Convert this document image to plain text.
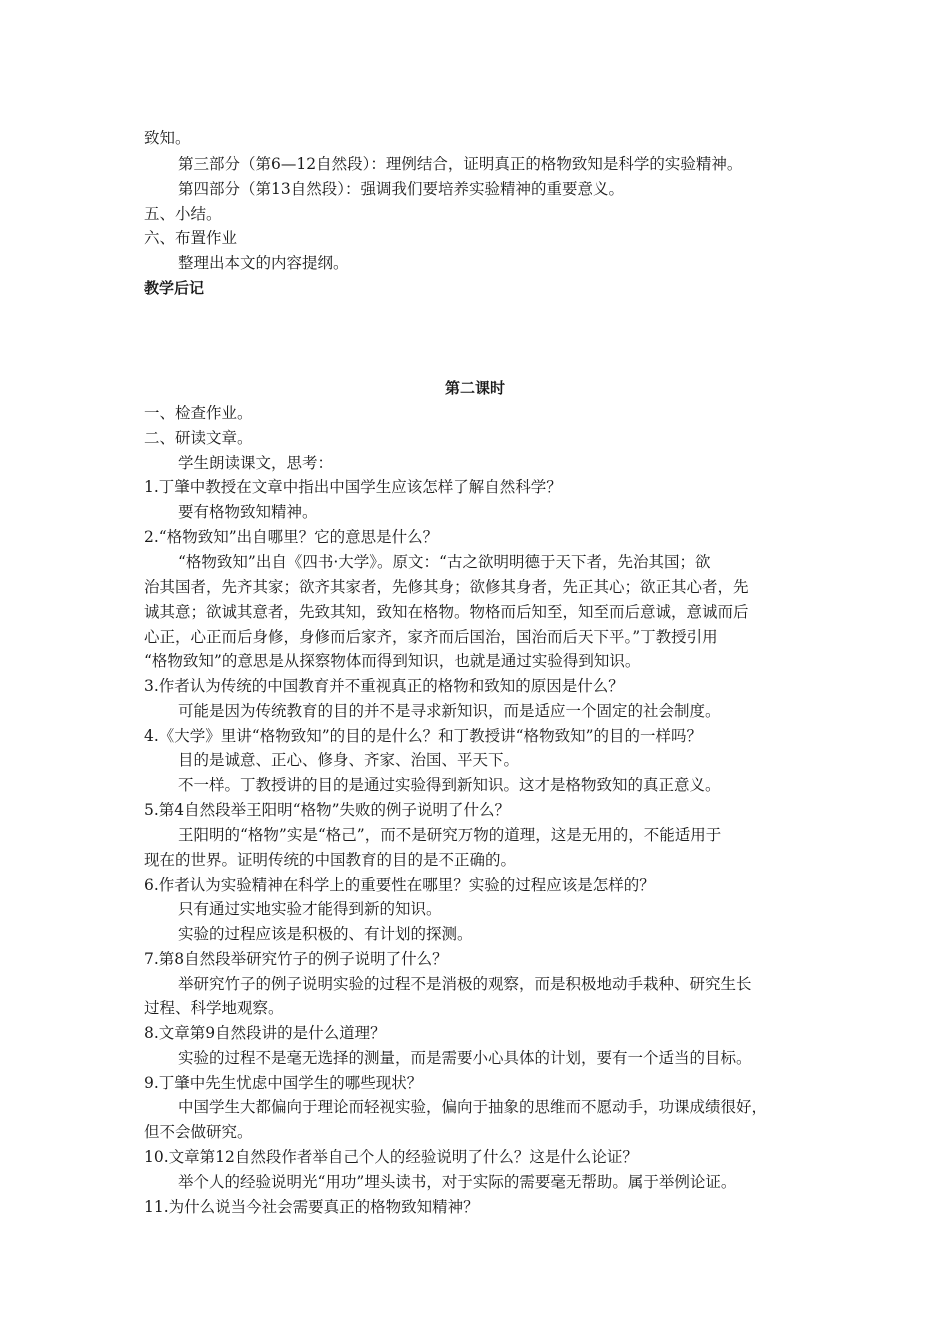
致知。
第三部分（第6—12自然段）：理例结合，证明真正的格物致知是科学的实验精神。
第四部分（第13自然段）：强调我们要培养实验精神的重要意义。
五、小结。
六、布置作业
整理出本文的内容提纲。
教学后记
第二课时
一、检查作业。
二、研读文章。
学生朗读课文，思考：
1.丁肇中教授在文章中指出中国学生应该怎样了解自然科学？
要有格物致知精神。
2.“格物致知”出自哪里？它的意思是什么？
“格物致知”出自《四书·大学》。原文：“古之欲明明德于天下者，先治其国；欲
治其国者，先齐其家；欲齐其家者，先修其身；欲修其身者，先正其心；欲正其心者，先
诚其意；欲诚其意者，先致其知，致知在格物。物格而后知至，知至而后意诚，意诚而后
心正，心正而后身修，身修而后家齐，家齐而后国治，国治而后天下平。”丁教授引用
“格物致知”的意思是从探察物体而得到知识，也就是通过实验得到知识。
3.作者认为传统的中国教育并不重视真正的格物和致知的原因是什么？
可能是因为传统教育的目的并不是寻求新知识，而是适应一个固定的社会制度。
4.《大学》里讲“格物致知”的目的是什么？和丁教授讲“格物致知”的目的一样吗？
目的是诚意、正心、修身、齐家、治国、平天下。
不一样。丁教授讲的目的是通过实验得到新知识。这才是格物致知的真正意义。
5.第4自然段举王阳明“格物”失败的例子说明了什么？
王阳明的“格物”实是“格己”，而不是研究万物的道理，这是无用的，不能适用于
现在的世界。证明传统的中国教育的目的是不正确的。
6.作者认为实验精神在科学上的重要性在哪里？实验的过程应该是怎样的？
只有通过实地实验才能得到新的知识。
实验的过程应该是积极的、有计划的探测。
7.第8自然段举研究竹子的例子说明了什么？
举研究竹子的例子说明实验的过程不是消极的观察，而是积极地动手栽种、研究生长
过程、科学地观察。
8.文章第9自然段讲的是什么道理？
实验的过程不是毫无选择的测量，而是需要小心具体的计划，要有一个适当的目标。
9.丁肇中先生忧虑中国学生的哪些现状？
中国学生大都偏向于理论而轻视实验，偏向于抽象的思维而不愿动手，功课成绩很好，
但不会做研究。
10.文章第12自然段作者举自己个人的经验说明了什么？这是什么论证？
举个人的经验说明光“用功”埋头读书，对于实际的需要毫无帮助。属于举例论证。
11.为什么说当今社会需要真正的格物致知精神？
